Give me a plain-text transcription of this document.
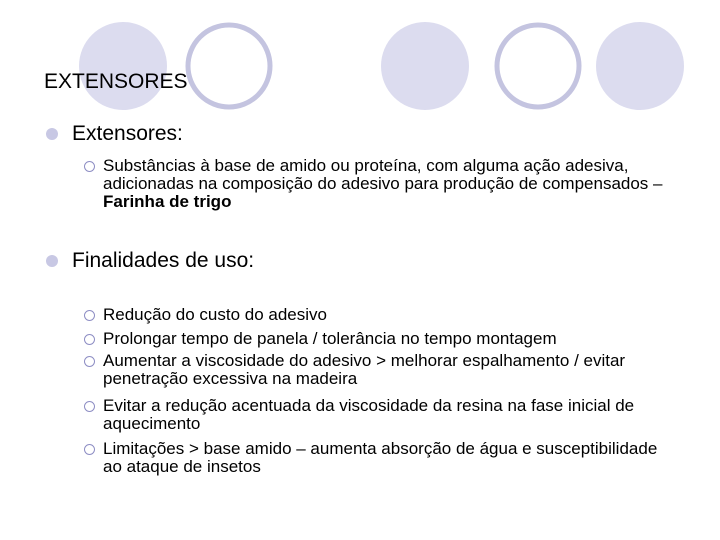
EXTENSORES
Extensores:
Substâncias à base de amido ou proteína, com alguma ação adesiva, adicionadas na composição do adesivo para produção de compensados – Farinha de trigo
Finalidades de uso:
Redução do custo do adesivo
Prolongar tempo de panela / tolerância no tempo montagem
Aumentar a viscosidade do adesivo > melhorar espalhamento / evitar penetração excessiva na madeira
Evitar a redução acentuada da viscosidade da resina na fase inicial de aquecimento
Limitações > base amido – aumenta absorção de água e susceptibilidade ao ataque de insetos
